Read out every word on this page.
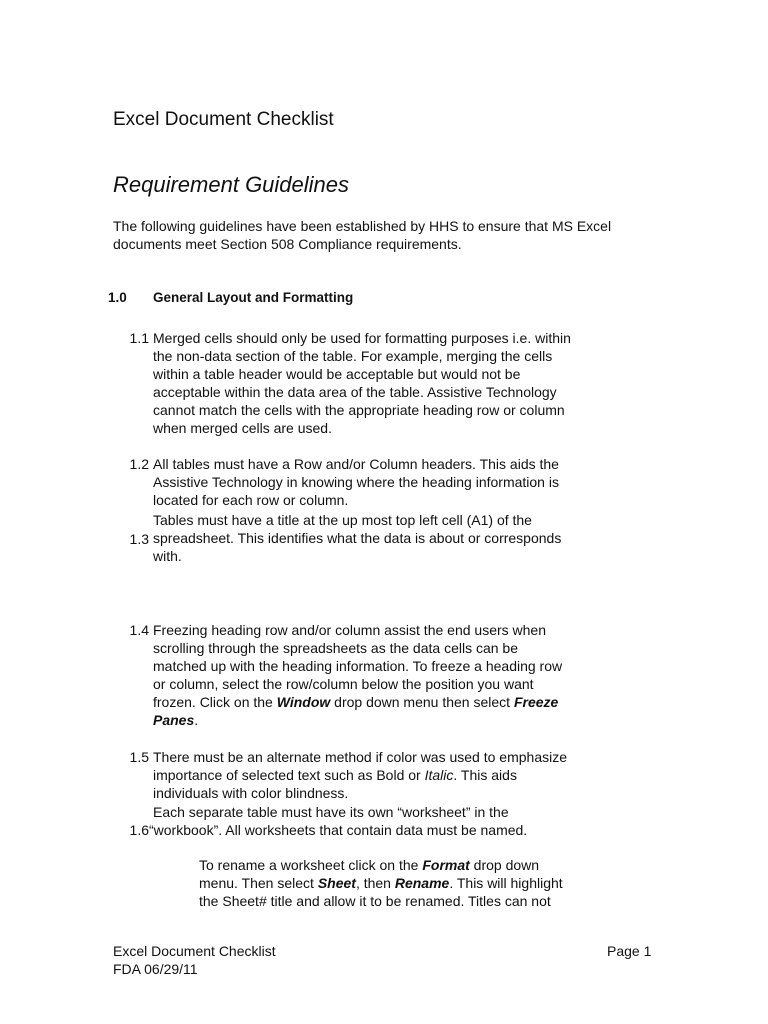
Excel Document Checklist
Requirement Guidelines
The following guidelines have been established by HHS to ensure that MS Excel
documents meet Section 508 Compliance requirements.
1.0 General Layout and Formatting
1.1 Merged cells should only be used for formatting purposes i.e. within
the non-data section of the table. For example, merging the cells
within a table header would be acceptable but would not be
acceptable within the data area of the table. Assistive Technology
cannot match the cells with the appropriate heading row or column
when merged cells are used.
1.2 All tables must have a Row and/or Column headers. This aids the
Assistive Technology in knowing where the heading information is
located for each row or column.
Tables must have a title at the up most top left cell (A1) of the
spreadsheet. This identifies what the data is about or corresponds
with.
1.3
1.4 Freezing heading row and/or column assist the end users when
scrolling through the spreadsheets as the data cells can be
matched up with the heading information. To freeze a heading row
or column, select the row/column below the position you want
frozen. Click on the Window drop down menu then select Freeze
Panes.
1.5 There must be an alternate method if color was used to emphasize
importance of selected text such as Bold or Italic. This aids
individuals with color blindness.
Each separate table must have its own “worksheet” in the
1.6 “workbook”. All worksheets that contain data must be named.
To rename a worksheet click on the Format drop down
menu. Then select Sheet, then Rename. This will highlight
the Sheet# title and allow it to be renamed. Titles can not
Excel Document Checklist
FDA 06/29/11
Page 1
